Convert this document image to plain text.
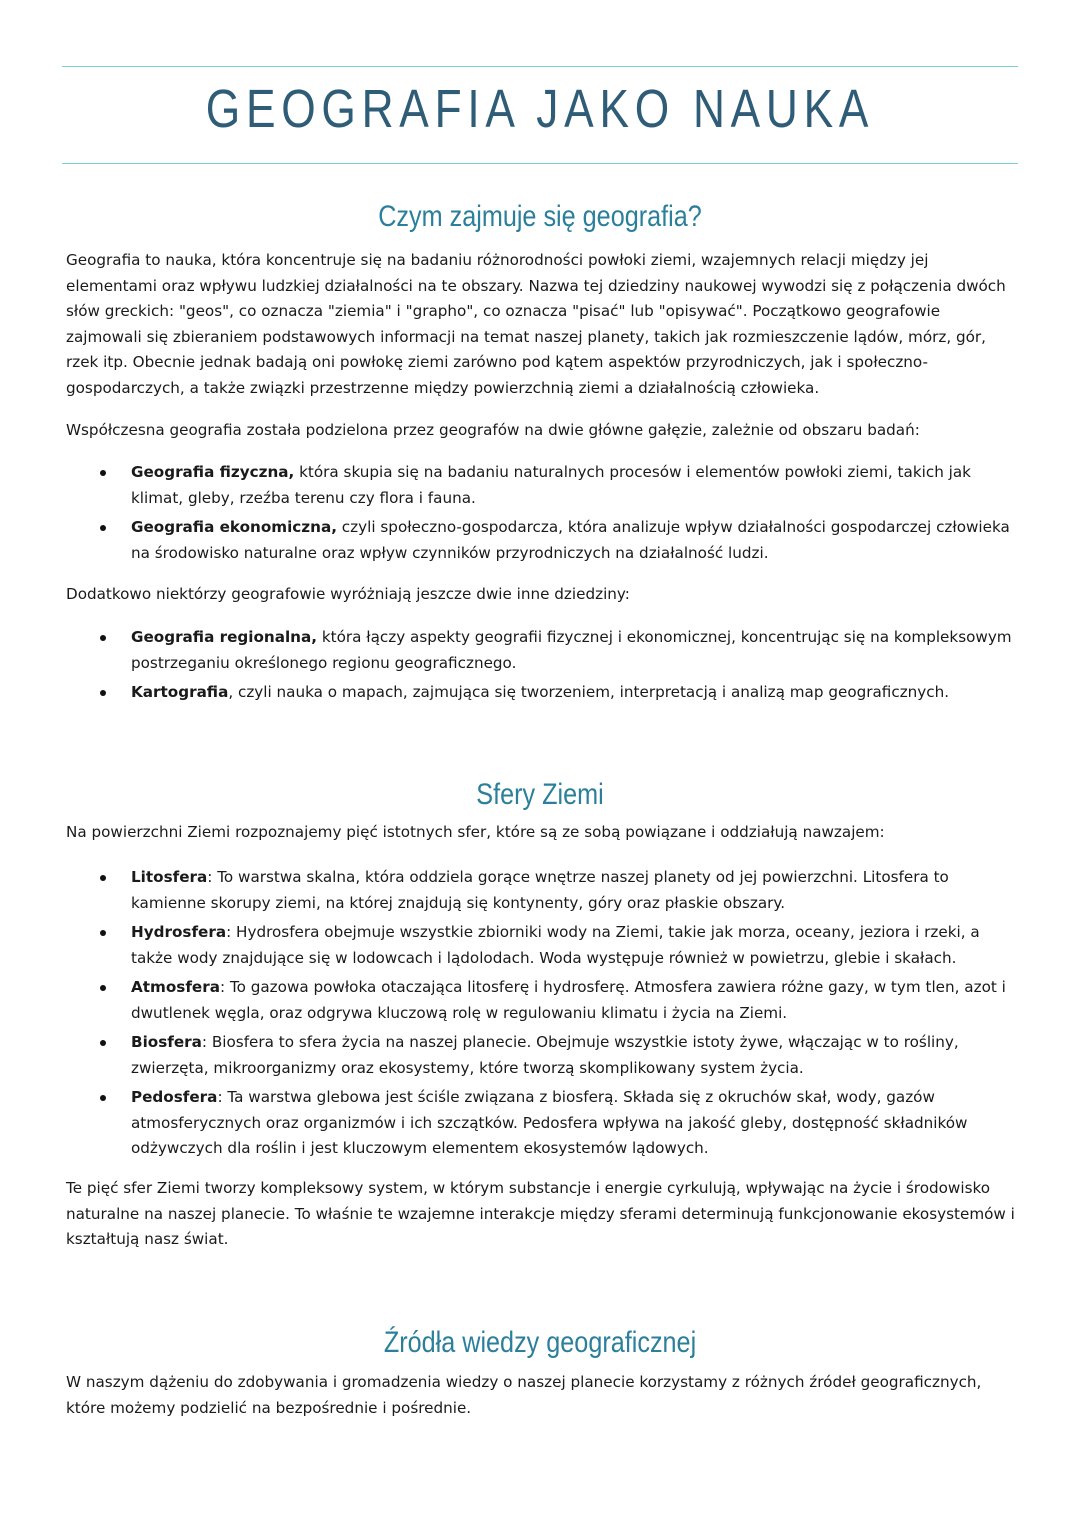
GEOGRAFIA JAKO NAUKA
Czym zajmuje się geografia?

Geografia to nauka, która koncentruje się na badaniu różnorodności powłoki ziemi, wzajemnych relacji między jej elementami oraz wpływu ludzkiej działalności na te obszary. Nazwa tej dziedziny naukowej wywodzi się z połączenia dwóch słów greckich: "geos", co oznacza "ziemia" i "grapho", co oznacza "pisać" lub "opisywać". Początkowo geografowie zajmowali się zbieraniem podstawowych informacji na temat naszej planety, takich jak rozmieszczenie lądów, mórz, gór, rzek itp. Obecnie jednak badają oni powłokę ziemi zarówno pod kątem aspektów przyrodniczych, jak i społeczno-gospodarczych, a także związki przestrzenne między powierzchnią ziemi a działalnością człowieka.

Współczesna geografia została podzielona przez geografów na dwie główne gałęzie, zależnie od obszaru badań:

Geografia fizyczna, która skupia się na badaniu naturalnych procesów i elementów powłoki ziemi, takich jak klimat, gleby, rzeźba terenu czy flora i fauna.
Geografia ekonomiczna, czyli społeczno-gospodarcza, która analizuje wpływ działalności gospodarczej człowieka na środowisko naturalne oraz wpływ czynników przyrodniczych na działalność ludzi.

Dodatkowo niektórzy geografowie wyróżniają jeszcze dwie inne dziedziny:

Geografia regionalna, która łączy aspekty geografii fizycznej i ekonomicznej, koncentrując się na kompleksowym postrzeganiu określonego regionu geograficznego.
Kartografia, czyli nauka o mapach, zajmująca się tworzeniem, interpretacją i analizą map geograficznych.
Sfery Ziemi

Na powierzchni Ziemi rozpoznajemy pięć istotnych sfer, które są ze sobą powiązane i oddziałują nawzajem:

Litosfera: To warstwa skalna, która oddziela gorące wnętrze naszej planety od jej powierzchni. Litosfera to kamienne skorupy ziemi, na której znajdują się kontynenty, góry oraz płaskie obszary.
Hydrosfera: Hydrosfera obejmuje wszystkie zbiorniki wody na Ziemi, takie jak morza, oceany, jeziora i rzeki, a także wody znajdujące się w lodowcach i lądolodach. Woda występuje również w powietrzu, glebie i skałach.
Atmosfera: To gazowa powłoka otaczająca litosferę i hydrosferę. Atmosfera zawiera różne gazy, w tym tlen, azot i dwutlenek węgla, oraz odgrywa kluczową rolę w regulowaniu klimatu i życia na Ziemi.
Biosfera: Biosfera to sfera życia na naszej planecie. Obejmuje wszystkie istoty żywe, włączając w to rośliny, zwierzęta, mikroorganizmy oraz ekosystemy, które tworzą skomplikowany system życia.
Pedosfera: Ta warstwa glebowa jest ściśle związana z biosferą. Składa się z okruchów skał, wody, gazów atmosferycznych oraz organizmów i ich szczątków. Pedosfera wpływa na jakość gleby, dostępność składników odżywczych dla roślin i jest kluczowym elementem ekosystemów lądowych.

Te pięć sfer Ziemi tworzy kompleksowy system, w którym substancje i energie cyrkulują, wpływając na życie i środowisko naturalne na naszej planecie. To właśnie te wzajemne interakcje między sferami determinują funkcjonowanie ekosystemów i kształtują nasz świat.

Źródła wiedzy geograficznej

W naszym dążeniu do zdobywania i gromadzenia wiedzy o naszej planecie korzystamy z różnych źródeł geograficznych, które możemy podzielić na bezpośrednie i pośrednie.
